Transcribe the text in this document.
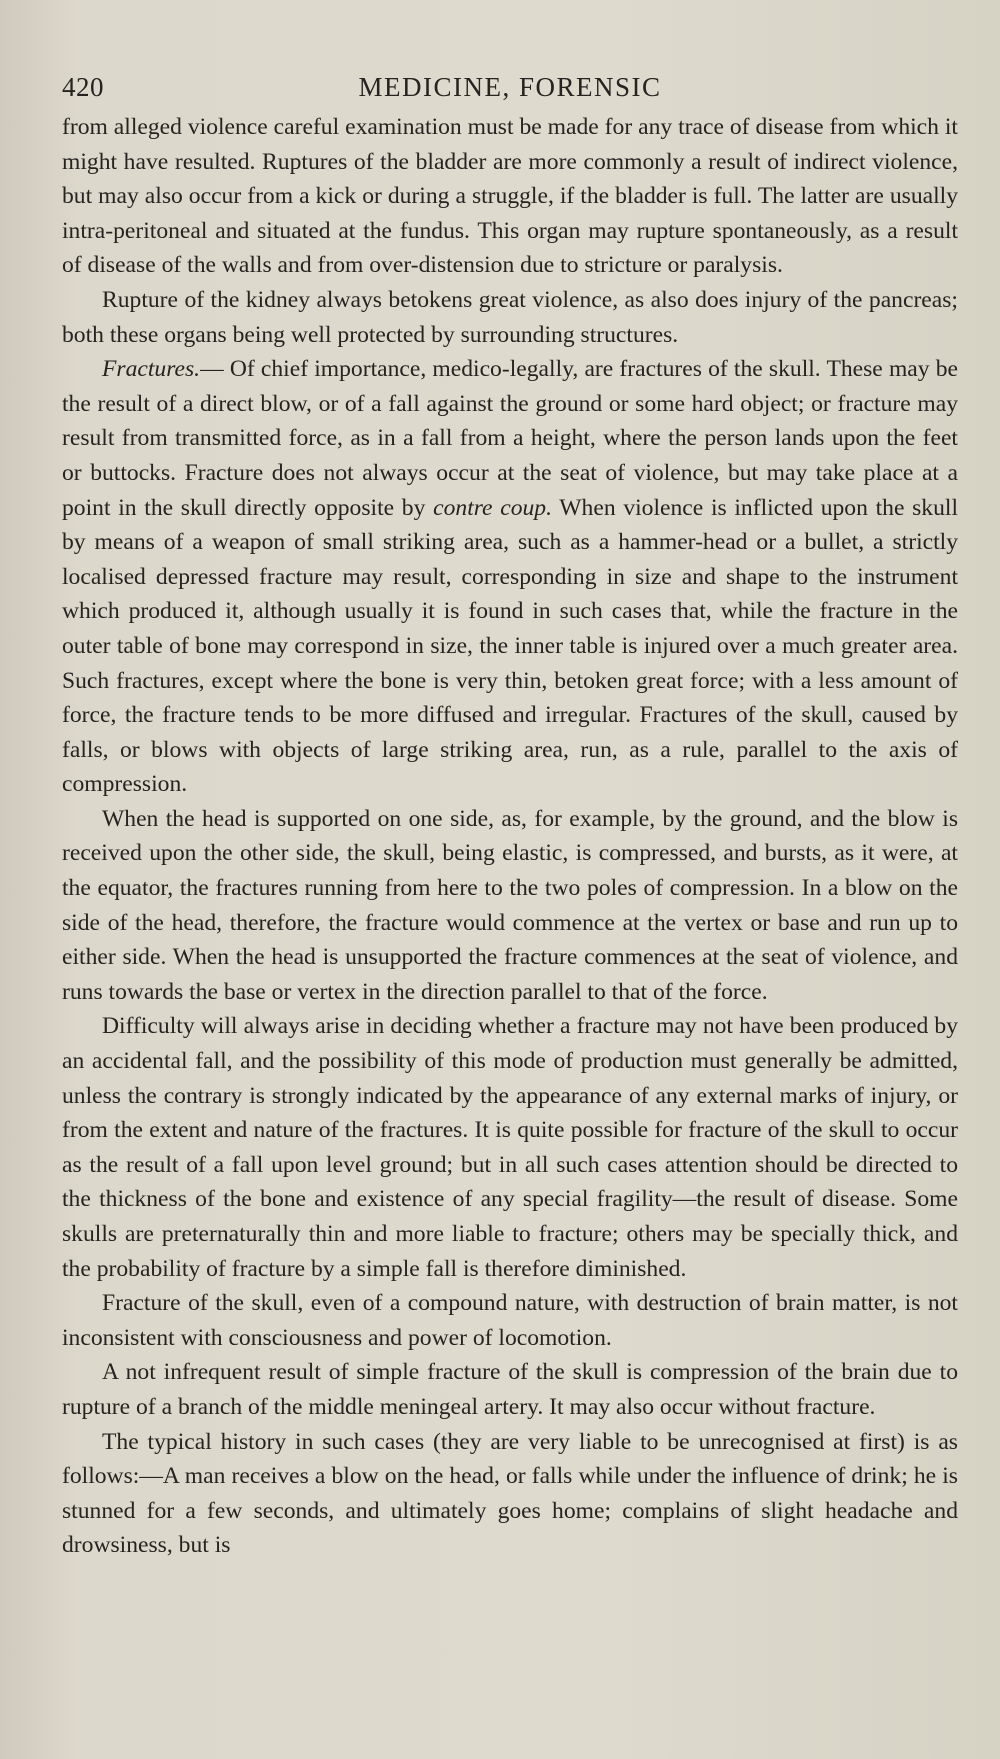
420	MEDICINE, FORENSIC

from alleged violence careful examination must be made for any trace of disease from which it might have resulted. Ruptures of the bladder are more commonly a result of indirect violence, but may also occur from a kick or during a struggle, if the bladder is full. The latter are usually intra-peritoneal and situated at the fundus. This organ may rupture spontaneously, as a result of disease of the walls and from over-distension due to stricture or paralysis.

Rupture of the kidney always betokens great violence, as also does injury of the pancreas; both these organs being well protected by surrounding structures.

Fractures.— Of chief importance, medico-legally, are fractures of the skull. These may be the result of a direct blow, or of a fall against the ground or some hard object; or fracture may result from transmitted force, as in a fall from a height, where the person lands upon the feet or buttocks. Fracture does not always occur at the seat of violence, but may take place at a point in the skull directly opposite by contre coup. When violence is inflicted upon the skull by means of a weapon of small striking area, such as a hammer-head or a bullet, a strictly localised depressed fracture may result, corresponding in size and shape to the instrument which produced it, although usually it is found in such cases that, while the fracture in the outer table of bone may correspond in size, the inner table is injured over a much greater area. Such fractures, except where the bone is very thin, betoken great force; with a less amount of force, the fracture tends to be more diffused and irregular. Fractures of the skull, caused by falls, or blows with objects of large striking area, run, as a rule, parallel to the axis of compression.

When the head is supported on one side, as, for example, by the ground, and the blow is received upon the other side, the skull, being elastic, is compressed, and bursts, as it were, at the equator, the fractures running from here to the two poles of compression. In a blow on the side of the head, therefore, the fracture would commence at the vertex or base and run up to either side. When the head is unsupported the fracture commences at the seat of violence, and runs towards the base or vertex in the direction parallel to that of the force.

Difficulty will always arise in deciding whether a fracture may not have been produced by an accidental fall, and the possibility of this mode of production must generally be admitted, unless the contrary is strongly indicated by the appearance of any external marks of injury, or from the extent and nature of the fractures. It is quite possible for fracture of the skull to occur as the result of a fall upon level ground; but in all such cases attention should be directed to the thickness of the bone and existence of any special fragility—the result of disease. Some skulls are preternaturally thin and more liable to fracture; others may be specially thick, and the probability of fracture by a simple fall is therefore diminished.

Fracture of the skull, even of a compound nature, with destruction of brain matter, is not inconsistent with consciousness and power of locomotion.

A not infrequent result of simple fracture of the skull is compression of the brain due to rupture of a branch of the middle meningeal artery. It may also occur without fracture.

The typical history in such cases (they are very liable to be unrecognised at first) is as follows:—A man receives a blow on the head, or falls while under the influence of drink; he is stunned for a few seconds, and ultimately goes home; complains of slight headache and drowsiness, but is
